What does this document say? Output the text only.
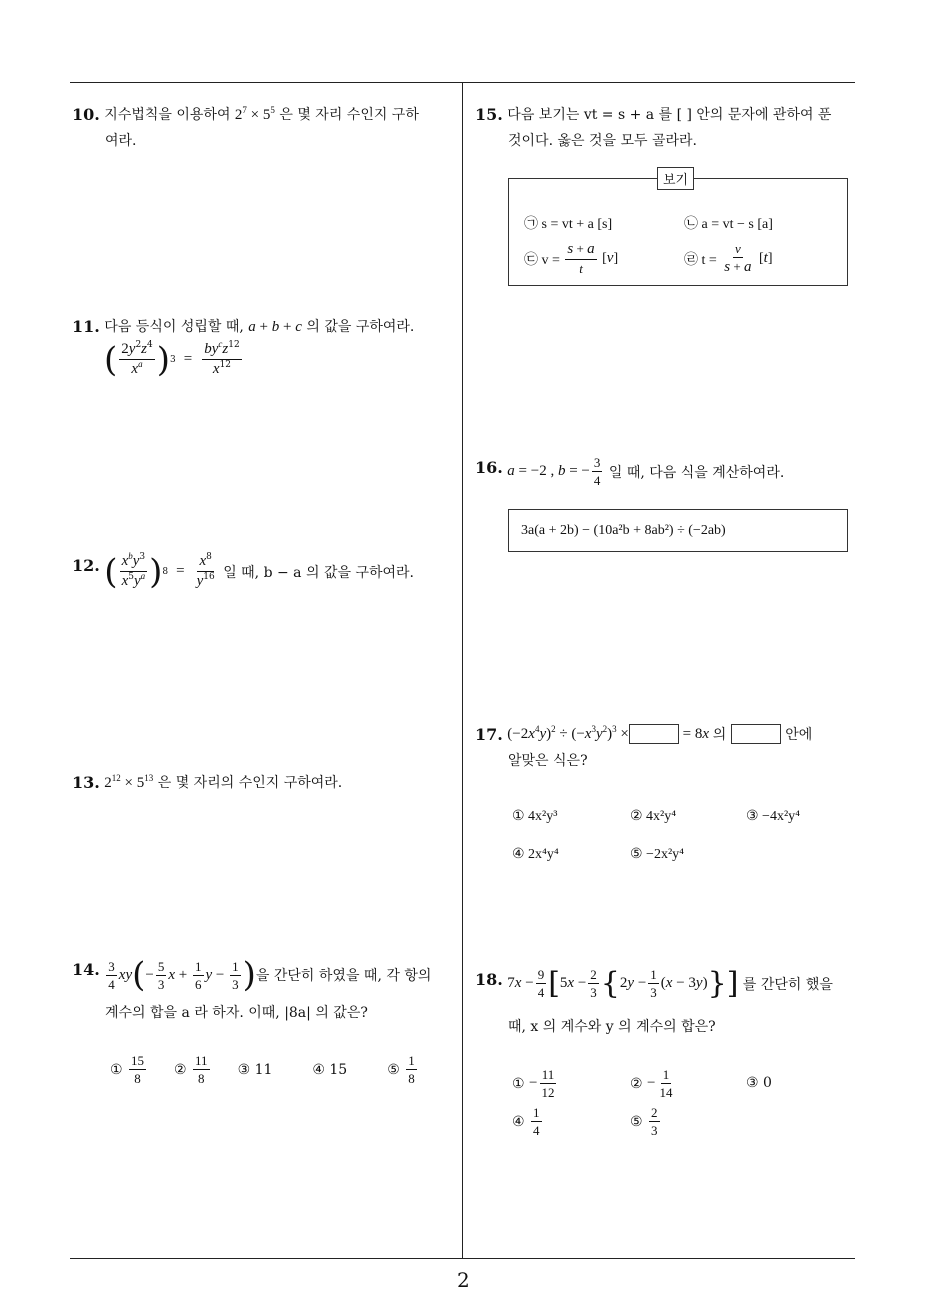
2
10.
지수법칙을 이용하여
$2^7 \times 5^5$
은 몇 자리 수인지 구하
여라.
11.
다음 등식이 성립할 때,
a + b + c
의 값을 구하여라.
( $\frac{2y^2z^4}{x^a}$ ) $3 = \frac{by^cz^{12}}{x^{12}}$
12.
( $\frac{x^by^3}{x^5y^a}$ ) $8 = \frac{x^8}{y^{16}}$
일 때, b − a 의 값을 구하여라.
13.
$2^{12} \times 5^{13}$
은 몇 자리의 수인지 구하여라.
14.
$\frac{3}{4}$ xy ( − $\frac{5}{3}$ $x + \frac{1}{6}$ $y - \frac{1}{3}$ ) 을 간단히 하였을 때, 각 항의
계수의 합을 a 라 하자. 이때, |8a| 의 값은?
①
$\frac{15}{8}$ ②
$\frac{11}{8}$ ③ 11	④ 15	⑤
$\frac{1}{8}$
15.
다음 보기는 vt = s + a 를 [ ] 안의 문자에 관하여 푼
것이다. 옳은 것을 모두 골라라.
보기
㉠ s = vt + a [s]	㉡ a = vt − s [a]
㉢ v =
$\frac{s + a}{t}$ [ v ]	㉣ t =
$\frac{v}{s + a}$ [ t ]
16.
a = −2 , b = − $\frac{3}{4}$
일 때, 다음 식을 계산하여라.
3a(a + 2b) − (10a²b + 8ab²) ÷ (−2ab)
17.
$(-2x^4y)^2 \div (-x^3y^2)^3$ ×	= 8x 의

	안에
알맞은 식은?
① 4x²y³	② 4x²y⁴	③ −4x²y⁴
④ 2x⁴y⁴	⑤ −2x²y⁴
18.
$7x - \frac{9}{4}$ [ $5x - \frac{2}{3}$ { $2y - \frac{1}{3} (x - 3y)$ } ]
를 간단히 했을
때, x 의 계수와 y 의 계수의 합은?
①
− $\frac{11}{12}$	②
− $\frac{1}{14}$	③ 0
④
$\frac{1}{4}$	⑤
$\frac{2}{3}$
